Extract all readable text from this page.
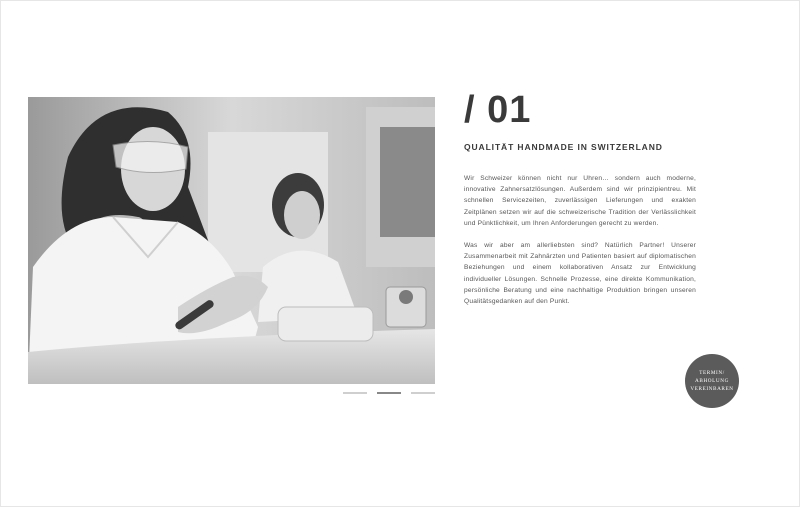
/ 01
QUALITÄT HANDMADE IN SWITZERLAND

Wir Schweizer können nicht nur Uhren… sondern auch moderne, innovative Zahnersatzlösungen. Außerdem sind wir prinzipientreu. Mit schnellen Servicezeiten, zuverlässigen Lieferungen und exakten Zeitplänen setzen wir auf die schweizerische Tradition der Verlässlichkeit und Pünktlichkeit, um Ihren Anforderungen gerecht zu werden.

Was wir aber am allerliebsten sind? Natürlich Partner! Unserer Zusammenarbeit mit Zahnärzten und Patienten basiert auf diplomatischen Beziehungen und einem kollaborativen Ansatz zur Entwicklung individueller Lösungen. Schnelle Prozesse, eine direkte Kommunikation, persönliche Beratung und eine nachhaltige Produktion bringen unseren Qualitätsgedanken auf den Punkt.

TERMIN/
ABHOLUNG
VEREINBAREN
